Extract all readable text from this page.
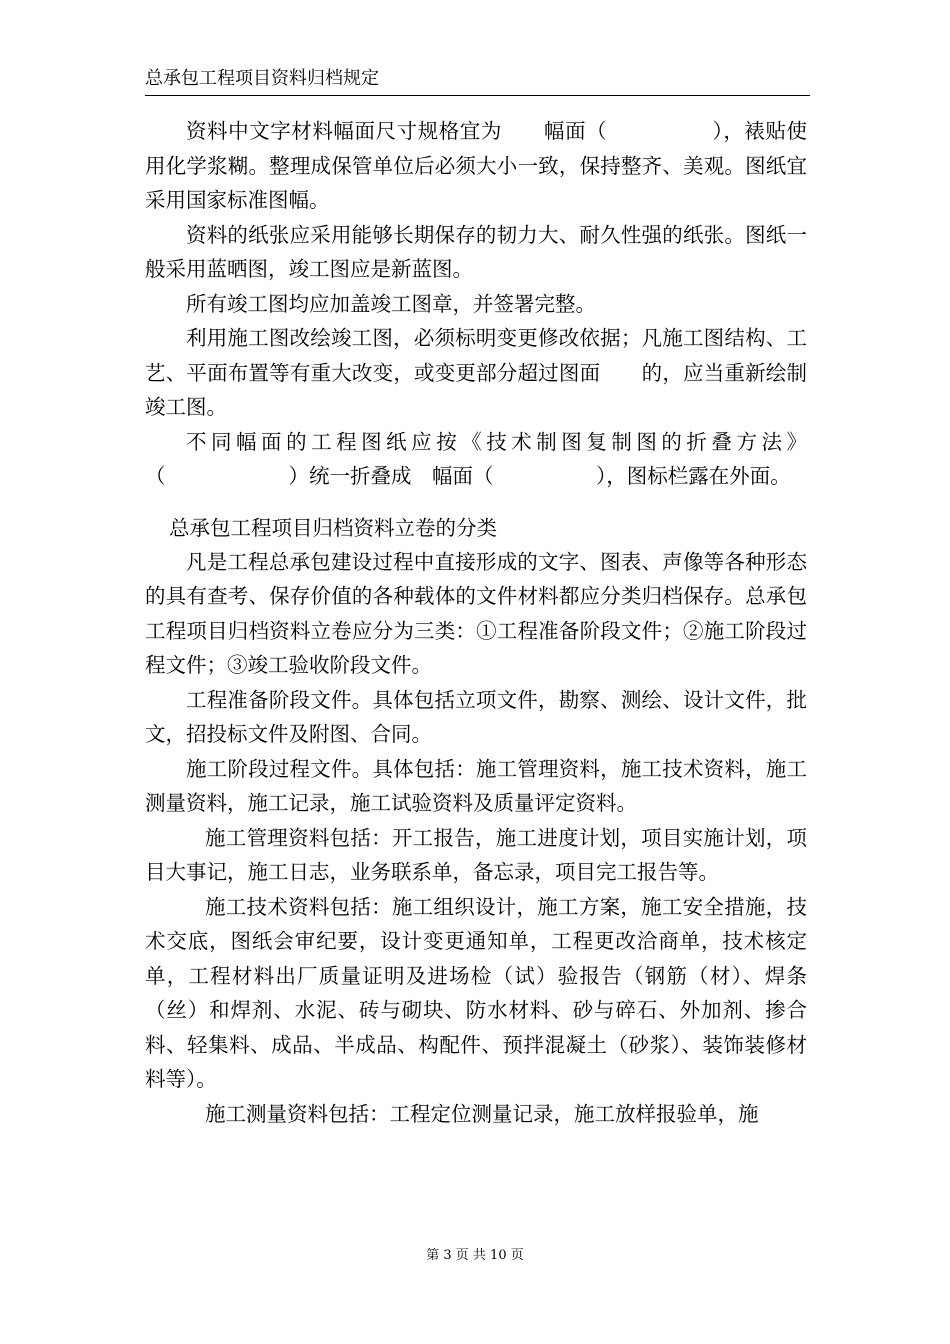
总承包工程项目资料归档规定

资料中文字材料幅面尺寸规格宜为　　幅面（　　　　　），裱贴使用化学浆糊。整理成保管单位后必须大小一致，保持整齐、美观。图纸宜采用国家标准图幅。

资料的纸张应采用能够长期保存的韧力大、耐久性强的纸张。图纸一般采用蓝晒图，竣工图应是新蓝图。

所有竣工图均应加盖竣工图章，并签署完整。

利用施工图改绘竣工图，必须标明变更修改依据；凡施工图结构、工艺、平面布置等有重大改变，或变更部分超过图面　　的，应当重新绘制竣工图。

不同幅面的工程图纸应按《技术制图复制图的折叠方法》（　　　　　　）统一折叠成　幅面（　　　　　），图标栏露在外面。

总承包工程项目归档资料立卷的分类

凡是工程总承包建设过程中直接形成的文字、图表、声像等各种形态的具有查考、保存价值的各种载体的文件材料都应分类归档保存。总承包工程项目归档资料立卷应分为三类：①工程准备阶段文件；②施工阶段过程文件；③竣工验收阶段文件。

工程准备阶段文件。具体包括立项文件，勘察、测绘、设计文件，批文，招投标文件及附图、合同。

施工阶段过程文件。具体包括：施工管理资料，施工技术资料，施工测量资料，施工记录，施工试验资料及质量评定资料。

施工管理资料包括：开工报告，施工进度计划，项目实施计划，项目大事记，施工日志，业务联系单，备忘录，项目完工报告等。

施工技术资料包括：施工组织设计，施工方案，施工安全措施，技术交底，图纸会审纪要，设计变更通知单，工程更改洽商单，技术核定单，工程材料出厂质量证明及进场检（试）验报告（钢筋（材）、焊条（丝）和焊剂、水泥、砖与砌块、防水材料、砂与碎石、外加剂、掺合料、轻集料、成品、半成品、构配件、预拌混凝土（砂浆）、装饰装修材料等）。

施工测量资料包括：工程定位测量记录，施工放样报验单，施

第 3 页 共 10 页
